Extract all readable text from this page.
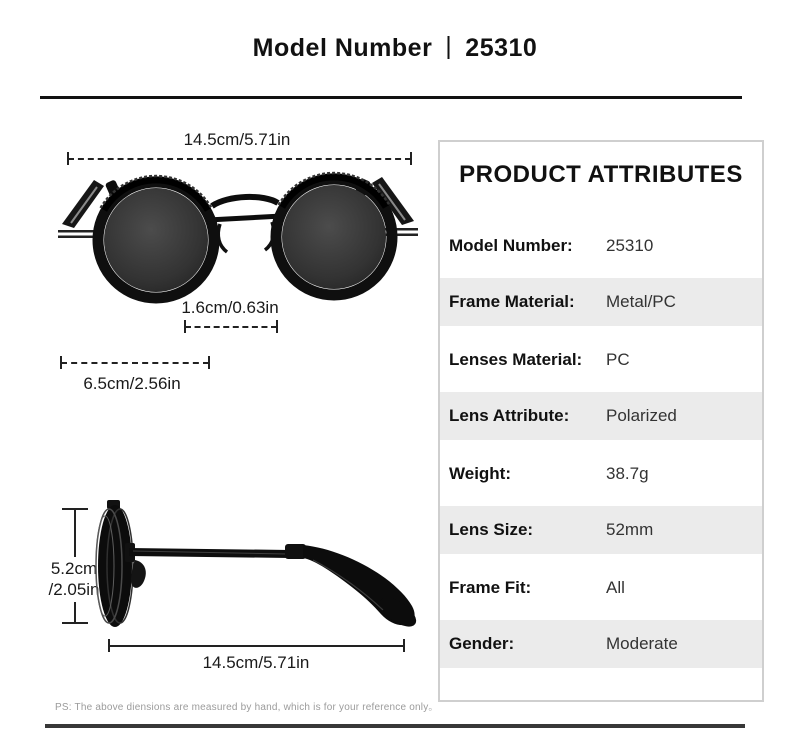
Model Number | 25310
14.5cm/5.71in
1.6cm/0.63in
6.5cm/2.56in
5.2cm
/2.05in
14.5cm/5.71in
PRODUCT ATTRIBUTES
Model Number:	25310
Frame Material:	Metal/PC
Lenses Material:	PC
Lens Attribute:	Polarized
Weight:	38.7g
Lens Size:	52mm
Frame Fit:	All
Gender:	Moderate
PS: The above diensions are measured by hand, which is for your reference only。
